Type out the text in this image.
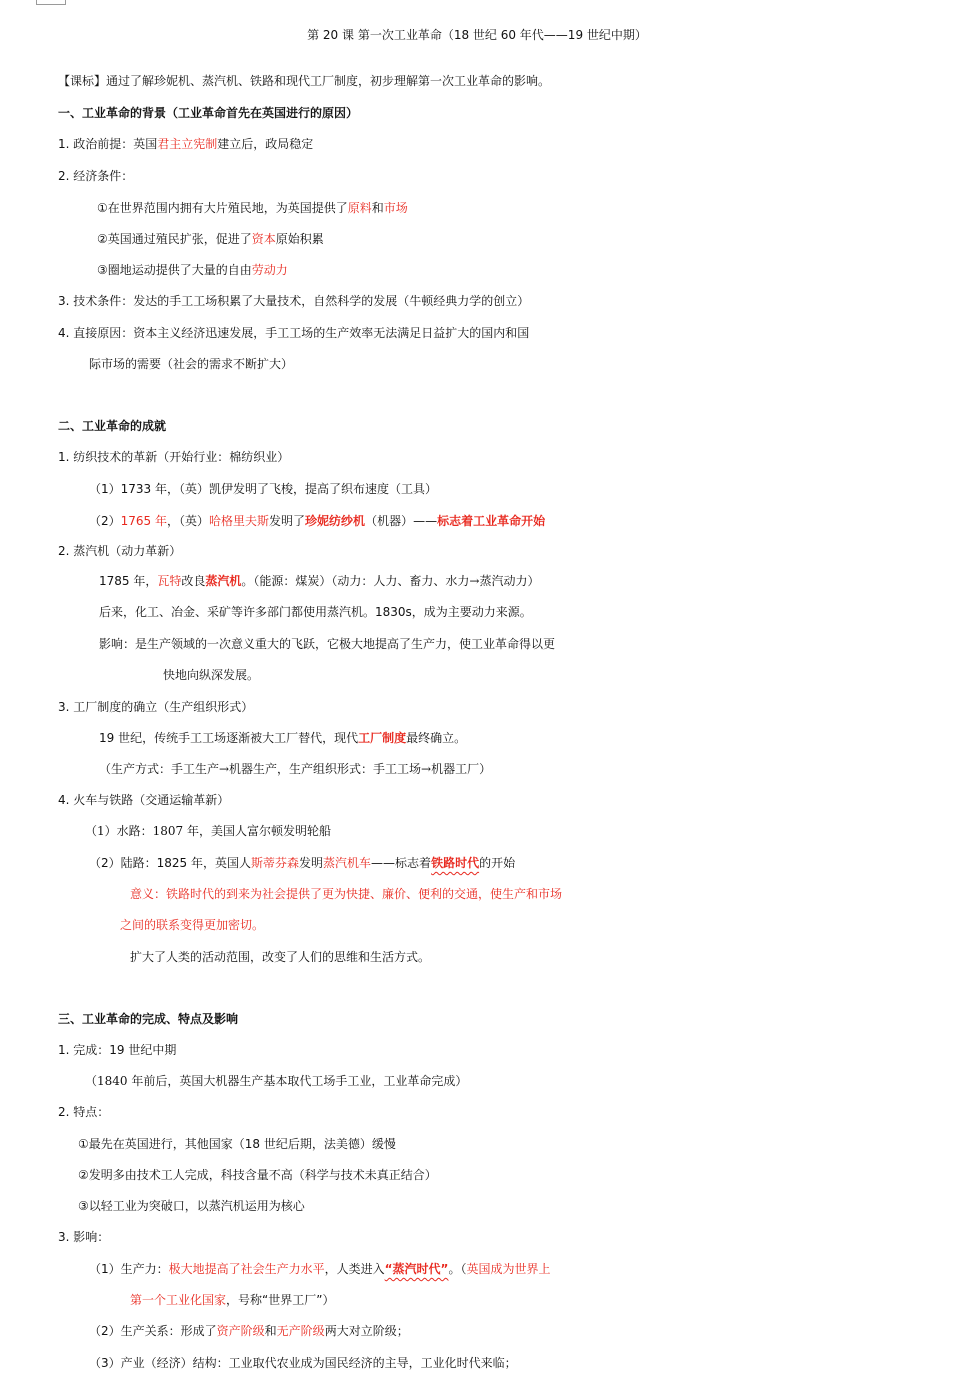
第 20 课 第一次工业革命（18 世纪 60 年代——19 世纪中期）
【课标】通过了解珍妮机、蒸汽机、铁路和现代工厂制度，初步理解第一次工业革命的影响。
一、工业革命的背景（工业革命首先在英国进行的原因）
1. 政治前提：英国君主立宪制建立后，政局稳定
2. 经济条件：
①在世界范围内拥有大片殖民地，为英国提供了原料和市场
②英国通过殖民扩张，促进了资本原始积累
③圈地运动提供了大量的自由劳动力
3. 技术条件：发达的手工工场积累了大量技术，自然科学的发展（牛顿经典力学的创立）
4. 直接原因：资本主义经济迅速发展，手工工场的生产效率无法满足日益扩大的国内和国
际市场的需要（社会的需求不断扩大）
二、工业革命的成就
1. 纺织技术的革新（开始行业：棉纺织业）
（1）1733 年，（英）凯伊发明了飞梭，提高了织布速度（工具）
（2）1765 年，（英）哈格里夫斯发明了珍妮纺纱机（机器）——标志着工业革命开始
2. 蒸汽机（动力革新）
1785 年，瓦特改良蒸汽机。（能源：煤炭）（动力：人力、畜力、水力→蒸汽动力）
后来，化工、冶金、采矿等许多部门都使用蒸汽机。1830s，成为主要动力来源。
影响：是生产领域的一次意义重大的飞跃，它极大地提高了生产力，使工业革命得以更
快地向纵深发展。
3. 工厂制度的确立（生产组织形式）
19 世纪，传统手工工场逐渐被大工厂替代，现代工厂制度最终确立。
（生产方式：手工生产→机器生产，生产组织形式：手工工场→机器工厂）
4. 火车与铁路（交通运输革新）
（1）水路：1807 年，美国人富尔顿发明轮船
（2）陆路：1825 年，英国人斯蒂芬森发明蒸汽机车——标志着铁路时代的开始
意义：铁路时代的到来为社会提供了更为快捷、廉价、便利的交通，使生产和市场
之间的联系变得更加密切。
扩大了人类的活动范围，改变了人们的思维和生活方式。
三、工业革命的完成、特点及影响
1. 完成：19 世纪中期
（1840 年前后，英国大机器生产基本取代工场手工业，工业革命完成）
2. 特点：
①最先在英国进行，其他国家（18 世纪后期，法美德）缓慢
②发明多由技术工人完成，科技含量不高（科学与技术未真正结合）
③以轻工业为突破口，以蒸汽机运用为核心
3. 影响：
（1）生产力：极大地提高了社会生产力水平，人类进入“蒸汽时代”。（英国成为世界上
第一个工业化国家，号称“世界工厂”）
（2）生产关系：形成了资产阶级和无产阶级两大对立阶级；
（3）产业（经济）结构：工业取代农业成为国民经济的主导，工业化时代来临；
